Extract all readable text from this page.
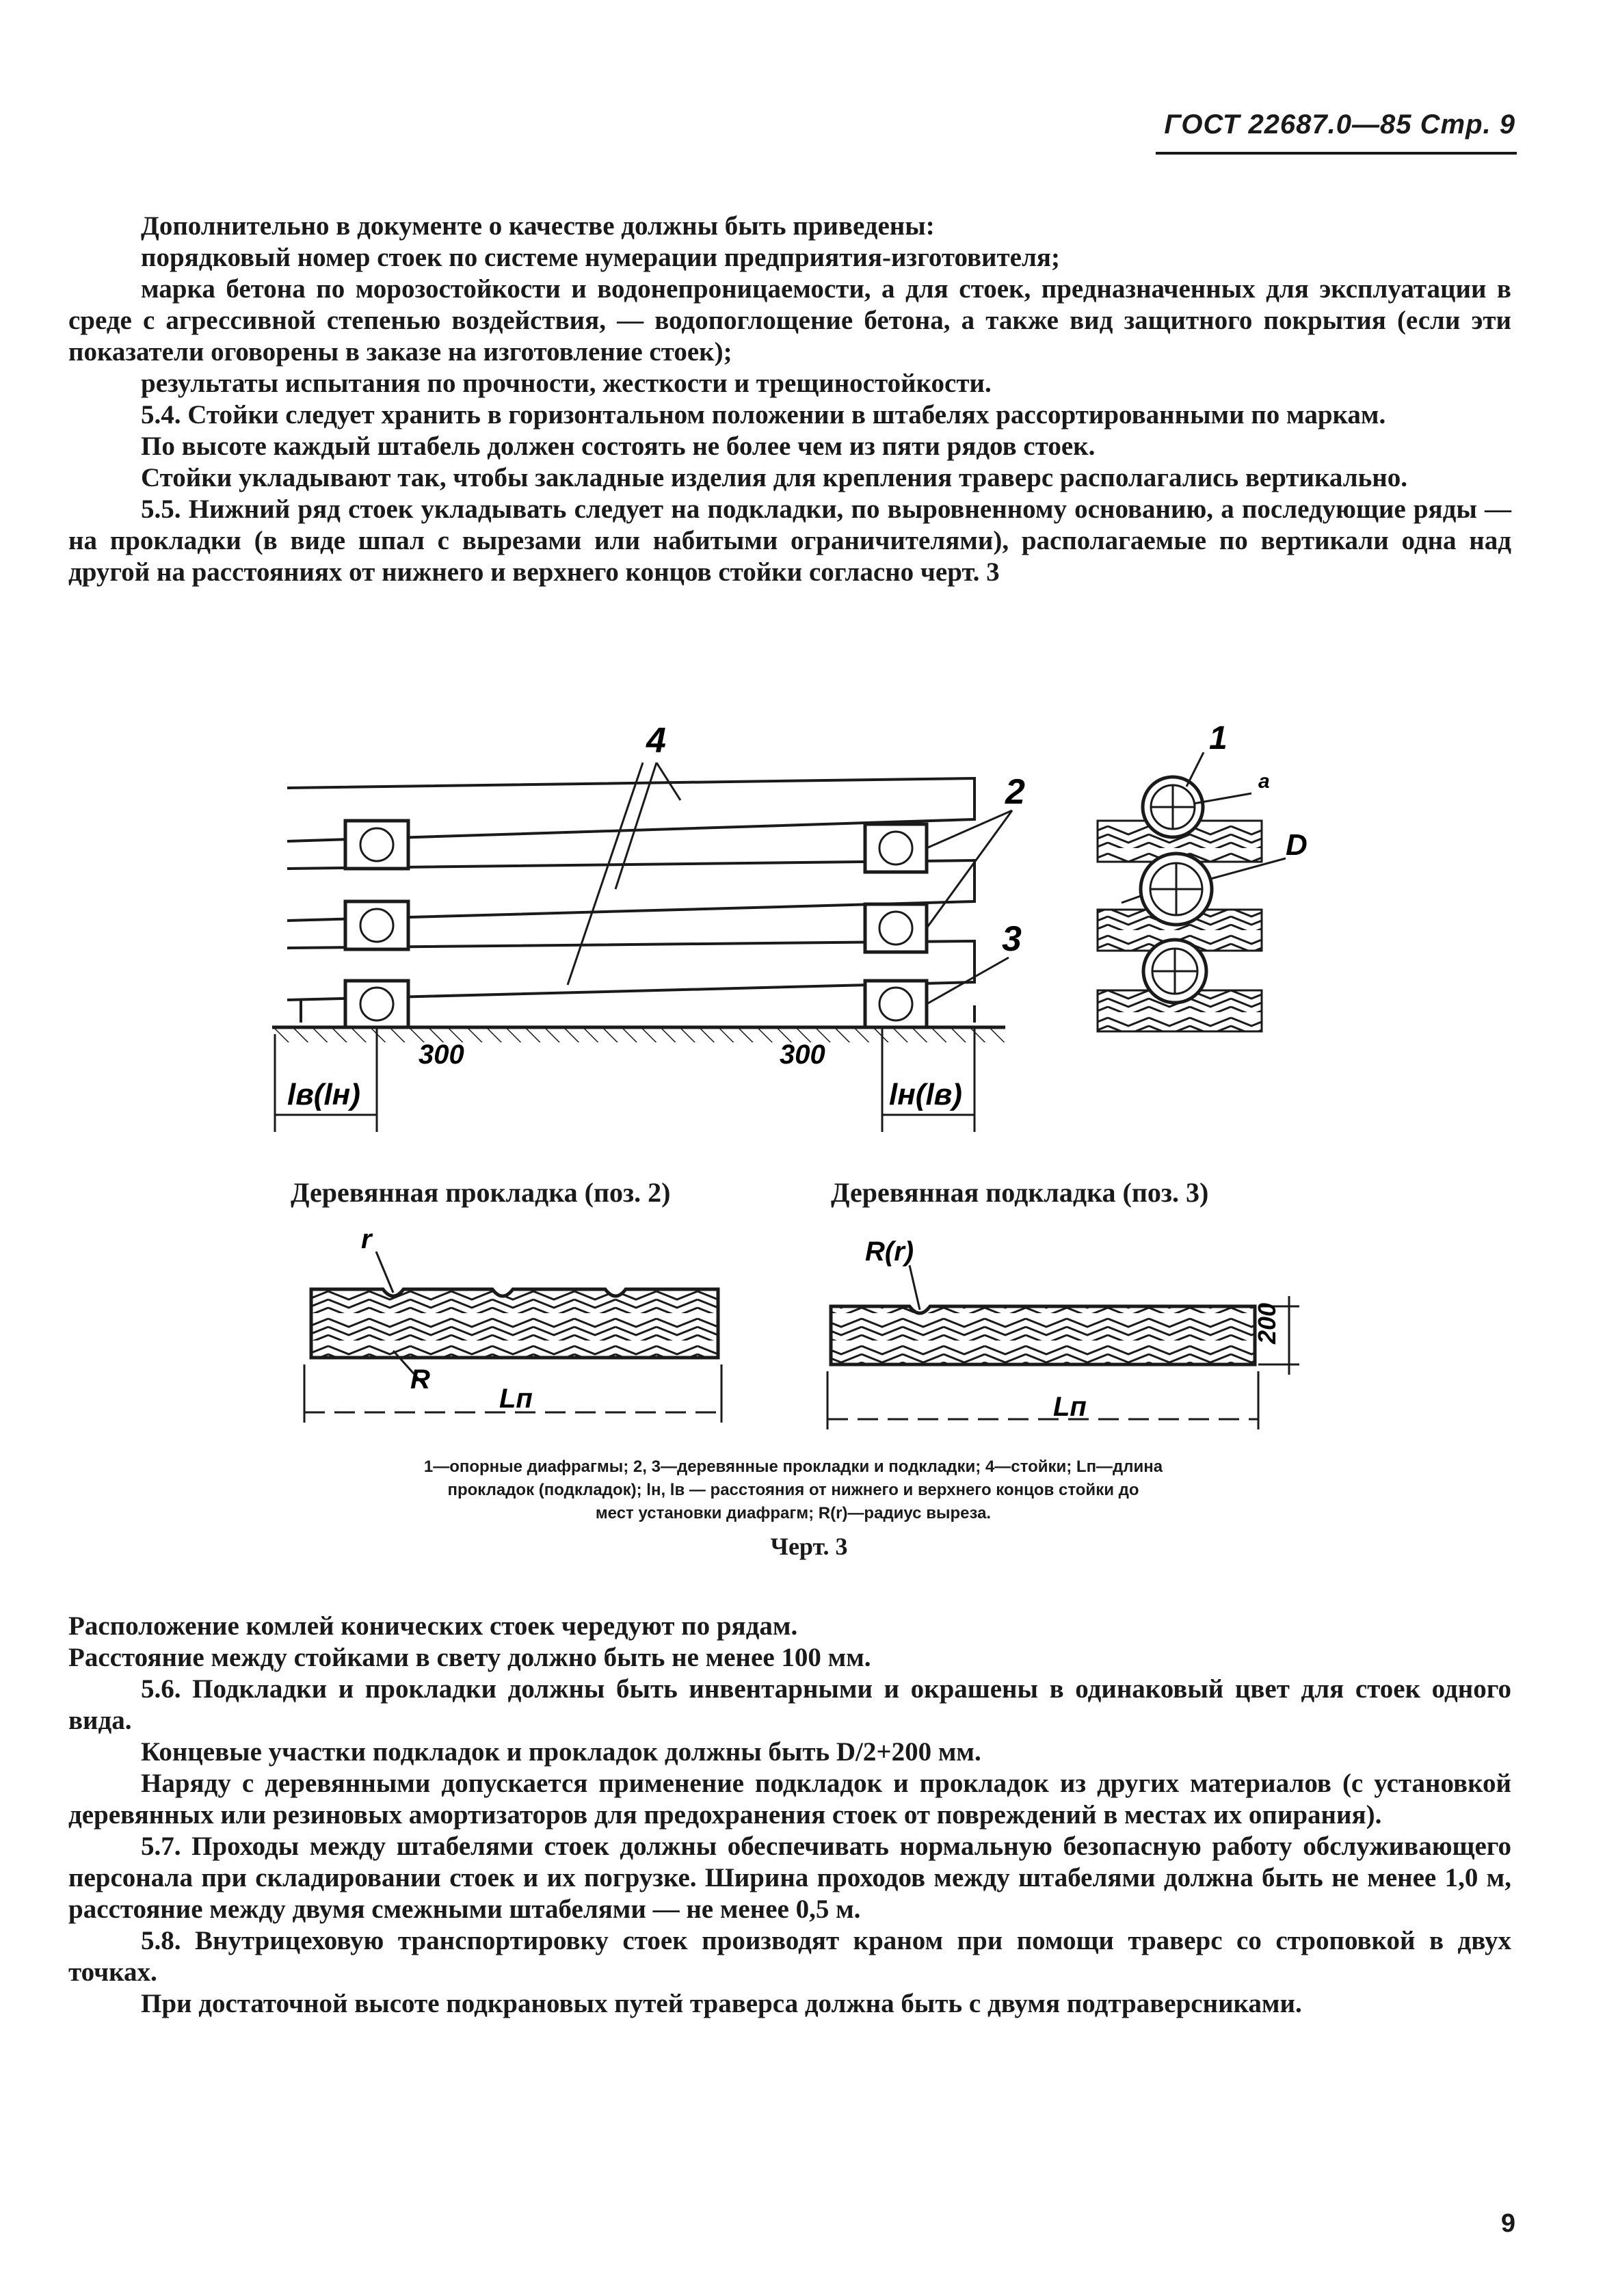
ГОСТ 22687.0—85 Стр. 9

Дополнительно в документе о качестве должны быть приведены:

порядковый номер стоек по системе нумерации предприятия-изготовителя;

марка бетона по морозостойкости и водонепроницаемости, а для стоек, предназначенных для эксплуатации в среде с агрессивной степенью воздействия, — водопоглощение бетона, а также вид защитного покрытия (если эти показатели оговорены в заказе на изготовление стоек);

результаты испытания по прочности, жесткости и трещиностойкости.

5.4. Стойки следует хранить в горизонтальном положении в штабелях рассортированными по маркам.

По высоте каждый штабель должен состоять не более чем из пяти рядов стоек.

Стойки укладывают так, чтобы закладные изделия для крепления траверс располагались вертикально.

5.5. Нижний ряд стоек укладывать следует на подкладки, по выровненному основанию, а последующие ряды — на прокладки (в виде шпал с вырезами или набитыми ограничителями), располагаемые по вертикали одна над другой на расстояниях от нижнего и верхнего концов стойки согласно черт. 3

4
2
3
300	300
lв(lн)	lн(lв)
1
а
D
r
R
Lп
R(r)
200
Lп
Деревянная прокладка (поз. 2)	Деревянная подкладка (поз. 3)
1—опорные диафрагмы; 2, 3—деревянные прокладки и подкладки; 4—стойки; Lп—длина
прокладок (подкладок); lн, lв — расстояния от нижнего и верхнего концов стойки до
мест установки диафрагм; R(r)—радиус выреза.
Черт. 3

Расположение комлей конических стоек чередуют по рядам.

Расстояние между стойками в свету должно быть не менее 100 мм.

5.6. Подкладки и прокладки должны быть инвентарными и окрашены в одинаковый цвет для стоек одного вида.

Концевые участки подкладок и прокладок должны быть D/2+200 мм.

Наряду с деревянными допускается применение подкладок и прокладок из других материалов (с установкой деревянных или резиновых амортизаторов для предохранения стоек от повреждений в местах их опирания).

5.7. Проходы между штабелями стоек должны обеспечивать нормальную безопасную работу обслуживающего персонала при складировании стоек и их погрузке. Ширина проходов между штабелями должна быть не менее 1,0 м, расстояние между двумя смежными штабелями — не менее 0,5 м.

5.8. Внутрицеховую транспортировку стоек производят краном при помощи траверс со строповкой в двух точках.

При достаточной высоте подкрановых путей траверса должна быть с двумя подтраверсниками.

9
